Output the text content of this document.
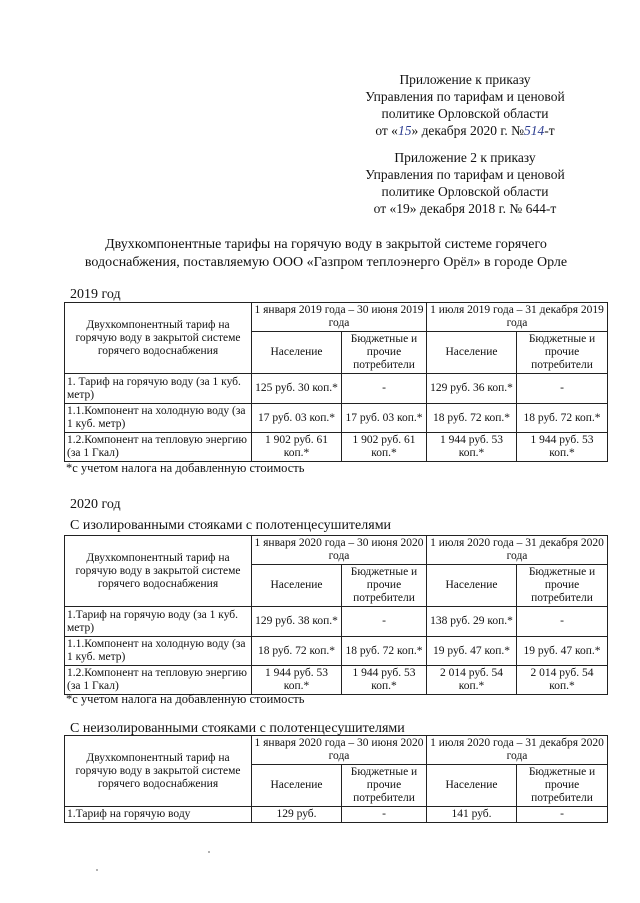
Приложение к приказу
Управления по тарифам и ценовой
политике Орловской области
от «15» декабря 2020 г. №514-т
Приложение 2 к приказу
Управления по тарифам и ценовой
политике Орловской области
от «19» декабря 2018 г. № 644-т
Двухкомпонентные тарифы на горячую воду в закрытой системе горячего
водоснабжения, поставляемую ООО «Газпром теплоэнерго Орёл» в городе Орле
2019 год
Двухкомпонентный тариф на горячую воду в закрытой системе горячего водоснабжения	1 января 2019 года – 30 июня 2019 года		1 июля 2019 года – 31 декабря 2019 года	
	Население	Бюджетные и прочие потребители	Население	Бюджетные и прочие потребители
1. Тариф на горячую воду (за 1 куб. метр)	125 руб. 30 коп.*	-	129 руб. 36 коп.*	-
1.1.Компонент на холодную воду (за 1 куб. метр)	17 руб. 03 коп.*	17 руб. 03 коп.*	18 руб. 72 коп.*	18 руб. 72 коп.*
1.2.Компонент на тепловую энергию (за 1 Гкал)	1 902 руб. 61 коп.*	1 902 руб. 61 коп.*	1 944 руб. 53 коп.*	1 944 руб. 53 коп.*
*с учетом налога на добавленную стоимость
2020 год
С изолированными стояками с полотенцесушителями
Двухкомпонентный тариф на горячую воду в закрытой системе горячего водоснабжения	1 января 2020 года – 30 июня 2020 года		1 июля 2020 года – 31 декабря 2020 года	
	Население	Бюджетные и прочие потребители	Население	Бюджетные и прочие потребители
1.Тариф на горячую воду (за 1 куб. метр)	129 руб. 38 коп.*	-	138 руб. 29 коп.*	-
1.1.Компонент на холодную воду (за 1 куб. метр)	18 руб. 72 коп.*	18 руб. 72 коп.*	19 руб. 47 коп.*	19 руб. 47 коп.*
1.2.Компонент на тепловую энергию (за 1 Гкал)	1 944 руб. 53 коп.*	1 944 руб. 53 коп.*	2 014 руб. 54 коп.*	2 014 руб. 54 коп.*
*с учетом налога на добавленную стоимость
С неизолированными стояками с полотенцесушителями
Двухкомпонентный тариф на горячую воду в закрытой системе горячего водоснабжения	1 января 2020 года – 30 июня 2020 года		1 июля 2020 года – 31 декабря 2020 года	
	Население	Бюджетные и прочие потребители	Население	Бюджетные и прочие потребители
1.Тариф на горячую воду	129 руб.	-	141 руб.	-
